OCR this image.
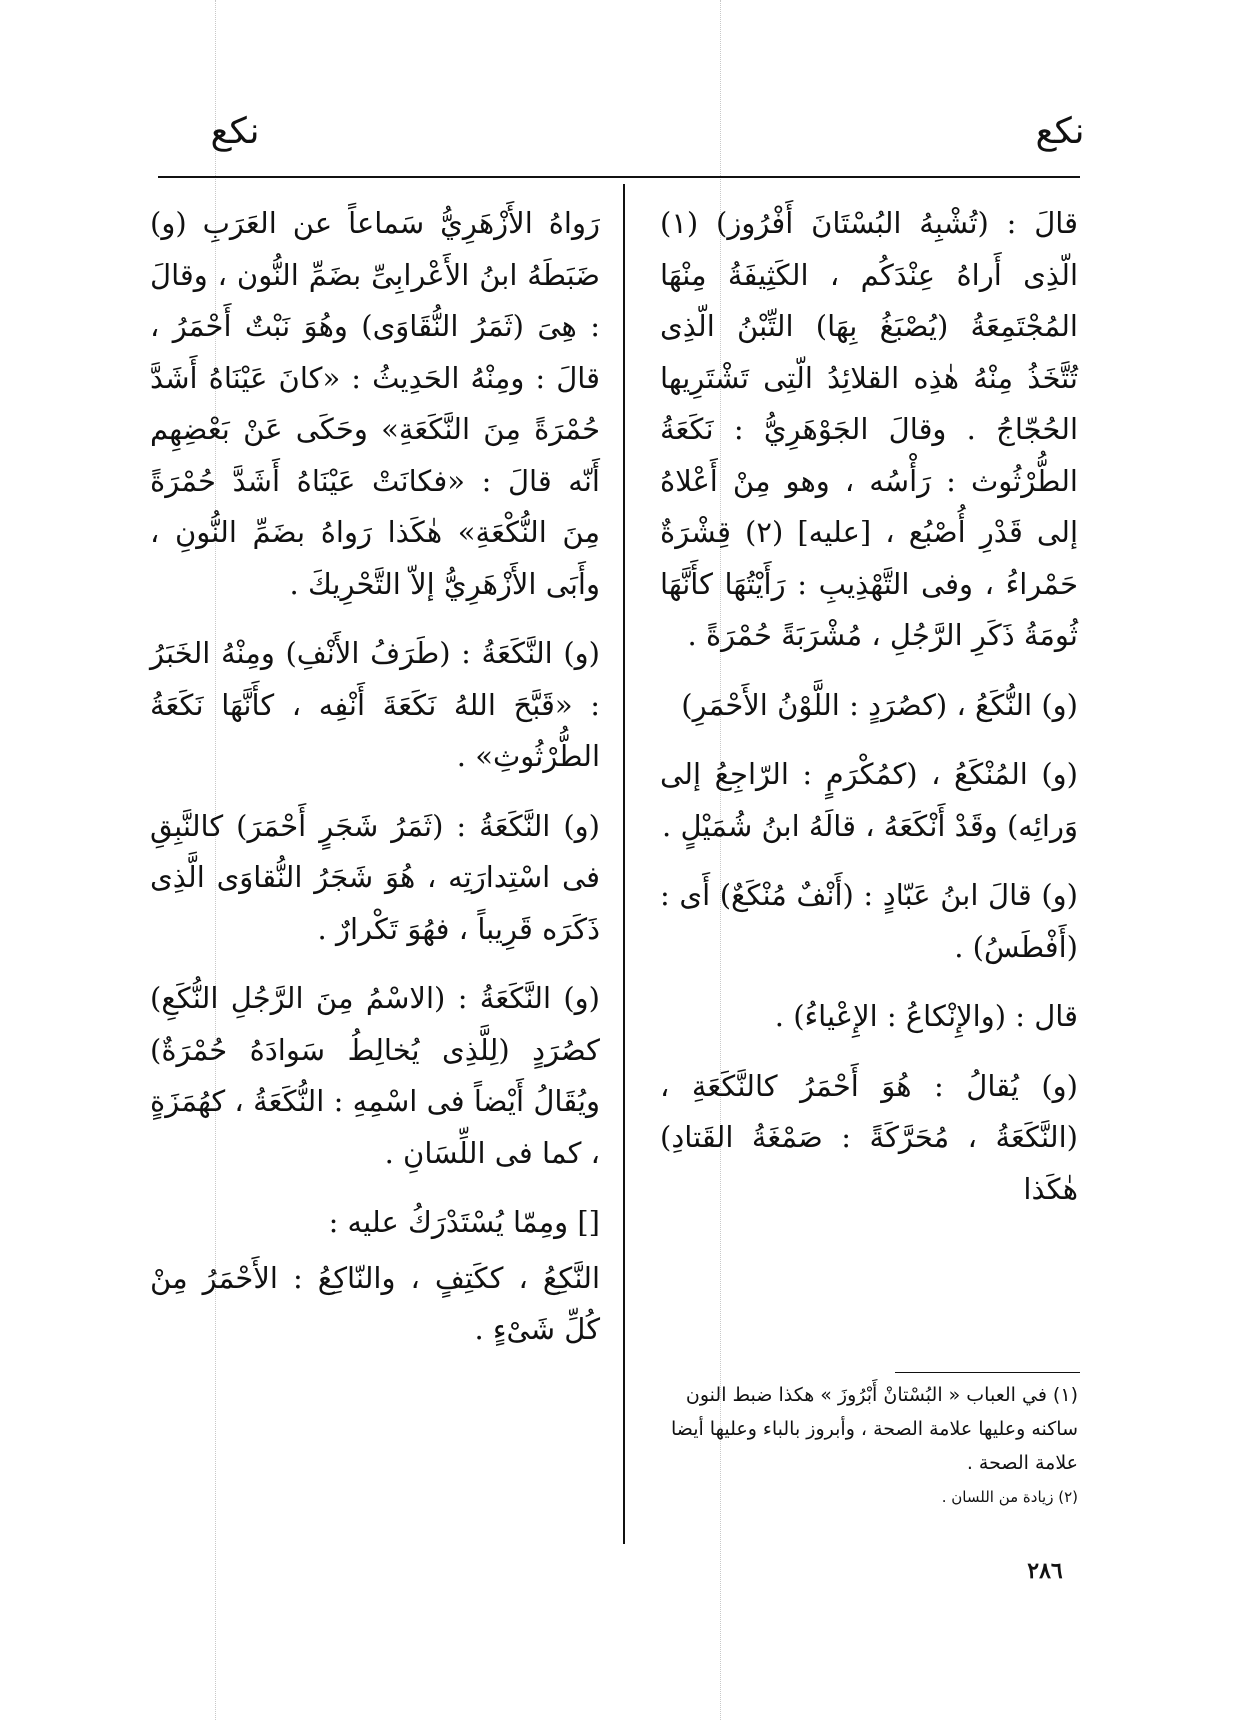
نكع
نكع

قالَ : (تُشْبِهُ البُسْتَانَ أَفْرُوز) (١) الّذِى أَراهُ عِنْدَكُم ، الكَثِيفَةُ مِنْهَا المُجْتَمِعَةُ (يُصْبَغُ بِهَا) التِّبْنُ الّذِى تُتَّخَذُ مِنْهُ هٰذِه القلائِدُ الّتِى تَشْتَرِيها الحُجّاجُ . وقالَ الجَوْهَرِيُّ : نَكَعَةُ الطُّرْثُوث : رَأْسُه ، وهو مِنْ أَعْلاهُ إلى قَدْرِ أُصْبُع ، [عليه] (٢) قِشْرَةٌ حَمْراءُ ، وفى التَّهْذِيبِ : رَأَيْتُهَا كأَنَّهَا ثُومَةُ ذَكَرِ الرَّجُلِ ، مُشْرَبَةً حُمْرَةً .

(و) النُّكَعُ ، (كصُرَدٍ : اللَّوْنُ الأَحْمَرِ)

(و) المُنْكَعُ ، (كمُكْرَمٍ : الرّاجِعُ إلى وَرائِه) وقَدْ أَنْكَعَهُ ، قالَهُ ابنُ شُمَيْلٍ .

(و) قالَ ابنُ عَبّادٍ : (أَنْفٌ مُنْكَعٌ) أَى : (أَفْطَسُ) .

قال : (والإِنْكاعُ : الإِعْياءُ) .

(و) يُقالُ : هُوَ أَحْمَرُ كالنَّكَعَةِ ، (النَّكَعَةُ ، مُحَرَّكَةً : صَمْغَةُ القَتادِ) هٰكَذا

رَواهُ الأَزْهَرِيُّ سَماعاً عن العَرَبِ (و) ضَبَطَهُ ابنُ الأَعْرابِىِّ بضَمِّ النُّون ، وقالَ : هِىَ (ثَمَرُ النُّقَاوَى) وهُوَ نَبْتٌ أَحْمَرُ ، قالَ : ومِنْهُ الحَدِيثُ : «كانَ عَيْنَاهُ أَشَدَّ حُمْرَةً مِنَ النَّكَعَةِ» وحَكَى عَنْ بَعْضِهِم أَنّه قالَ : «فكانَتْ عَيْنَاهُ أَشَدَّ حُمْرَةً مِنَ النُّكْعَةِ» هٰكَذا رَواهُ بضَمِّ النُّونِ ، وأَبَى الأَزْهَرِيُّ إلاّ التَّحْرِيكَ .

(و) النَّكَعَةُ : (طَرَفُ الأَنْفِ) ومِنْهُ الخَبَرُ : «قَبَّحَ اللهُ نَكَعَةَ أَنْفِه ، كأَنَّهَا نَكَعَةُ الطُّرْثُوثِ» .

(و) النَّكَعَةُ : (ثَمَرُ شَجَرٍ أَحْمَرَ) كالنَّبِقِ فى اسْتِدارَتِه ، هُوَ شَجَرُ النُّقاوَى الَّذِى ذَكَرَه قَرِيباً ، فهُوَ تَكْرارٌ .

(و) النَّكَعَةُ : (الاسْمُ مِنَ الرَّجُلِ النُّكَعِ) كصُرَدٍ (لِلَّذِى يُخالِطُ سَوادَهُ حُمْرَةٌ) ويُقَالُ أَيْضاً فى اسْمِهِ : النُّكَعَةُ ، كهُمَزَةٍ ، كما فى اللِّسَانِ .

[] ومِمّا يُسْتَدْرَكُ عليه :

النَّكِعُ ، ككَتِفٍ ، والنّاكِعُ : الأَحْمَرُ مِنْ كُلِّ شَىْءٍ .

(١) في العباب « البُسْتانْ أَبْرُوزَ » هكذا ضبط النون ساكنه وعليها علامة الصحة ، وأبروز بالباء وعليها أيضا علامة الصحة .

(٢) زيادة من اللسان .

٢٨٦
